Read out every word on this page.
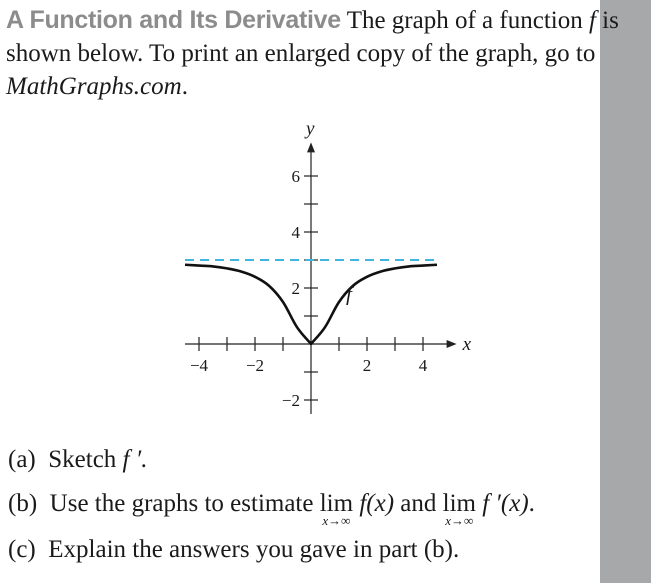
A Function and Its Derivative The graph of a function f is shown below. To print an enlarged copy of the graph, go to MathGraphs.com.

−4 −2	2	4
−2
2
4
6
x
y
f

(a) Sketch f ′.

(b) Use the graphs to estimate lim
x→∞
f(x) and lim
x→∞
f ′(x).

(c) Explain the answers you gave in part (b).
